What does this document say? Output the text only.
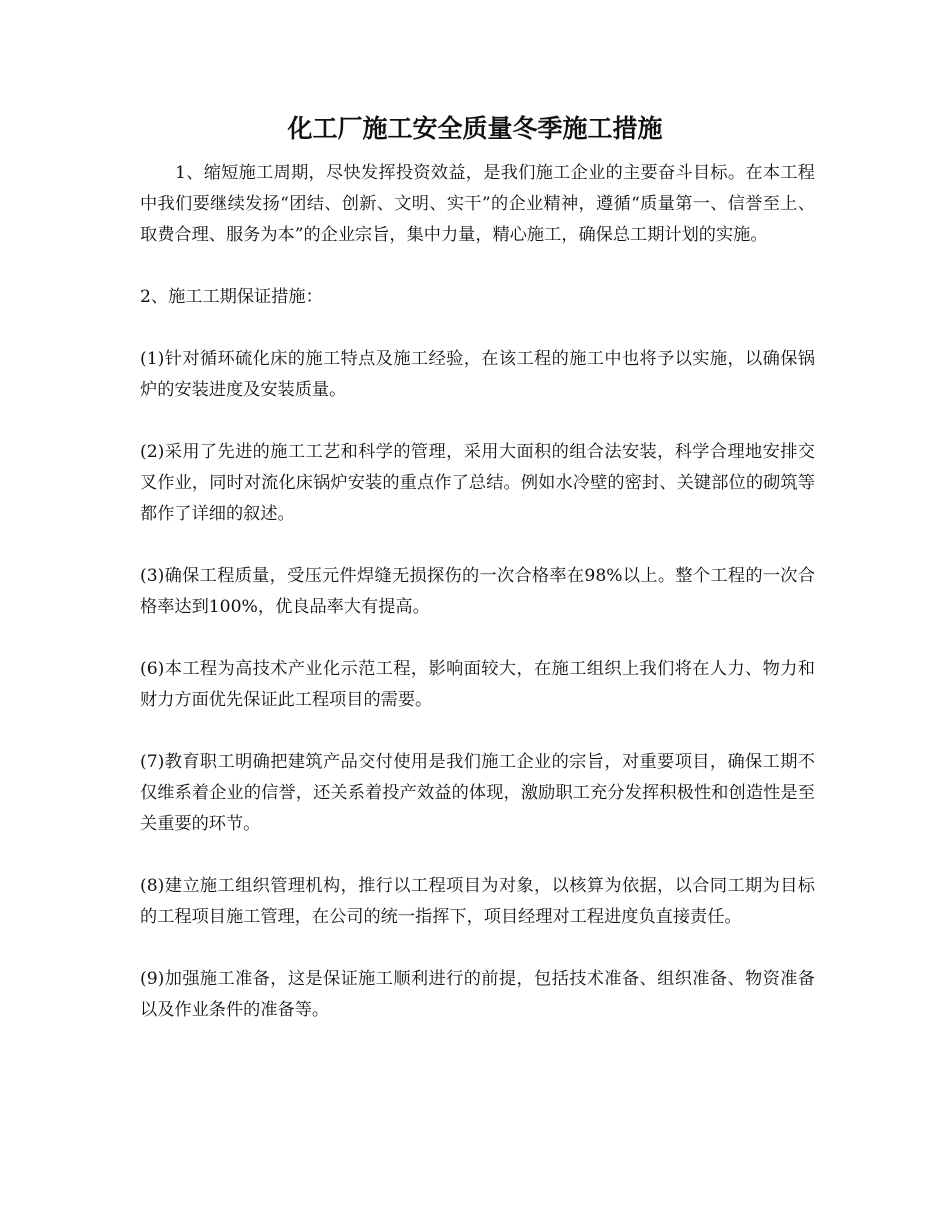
化工厂施工安全质量冬季施工措施

1、缩短施工周期，尽快发挥投资效益，是我们施工企业的主要奋斗目标。在本工程中我们要继续发扬“团结、创新、文明、实干”的企业精神，遵循“质量第一、信誉至上、取费合理、服务为本”的企业宗旨，集中力量，精心施工，确保总工期计划的实施。

2、施工工期保证措施：

(1)针对循环硫化床的施工特点及施工经验，在该工程的施工中也将予以实施，以确保锅炉的安装进度及安装质量。

(2)采用了先进的施工工艺和科学的管理，采用大面积的组合法安装，科学合理地安排交叉作业，同时对流化床锅炉安装的重点作了总结。例如水冷壁的密封、关键部位的砌筑等都作了详细的叙述。

(3)确保工程质量，受压元件焊缝无损探伤的一次合格率在98%以上。整个工程的一次合格率达到100%，优良品率大有提高。

(6)本工程为高技术产业化示范工程，影响面较大，在施工组织上我们将在人力、物力和财力方面优先保证此工程项目的需要。

(7)教育职工明确把建筑产品交付使用是我们施工企业的宗旨，对重要项目，确保工期不仅维系着企业的信誉，还关系着投产效益的体现，激励职工充分发挥积极性和创造性是至关重要的环节。

(8)建立施工组织管理机构，推行以工程项目为对象，以核算为依据，以合同工期为目标的工程项目施工管理，在公司的统一指挥下，项目经理对工程进度负直接责任。

(9)加强施工准备，这是保证施工顺利进行的前提，包括技术准备、组织准备、物资准备以及作业条件的准备等。
